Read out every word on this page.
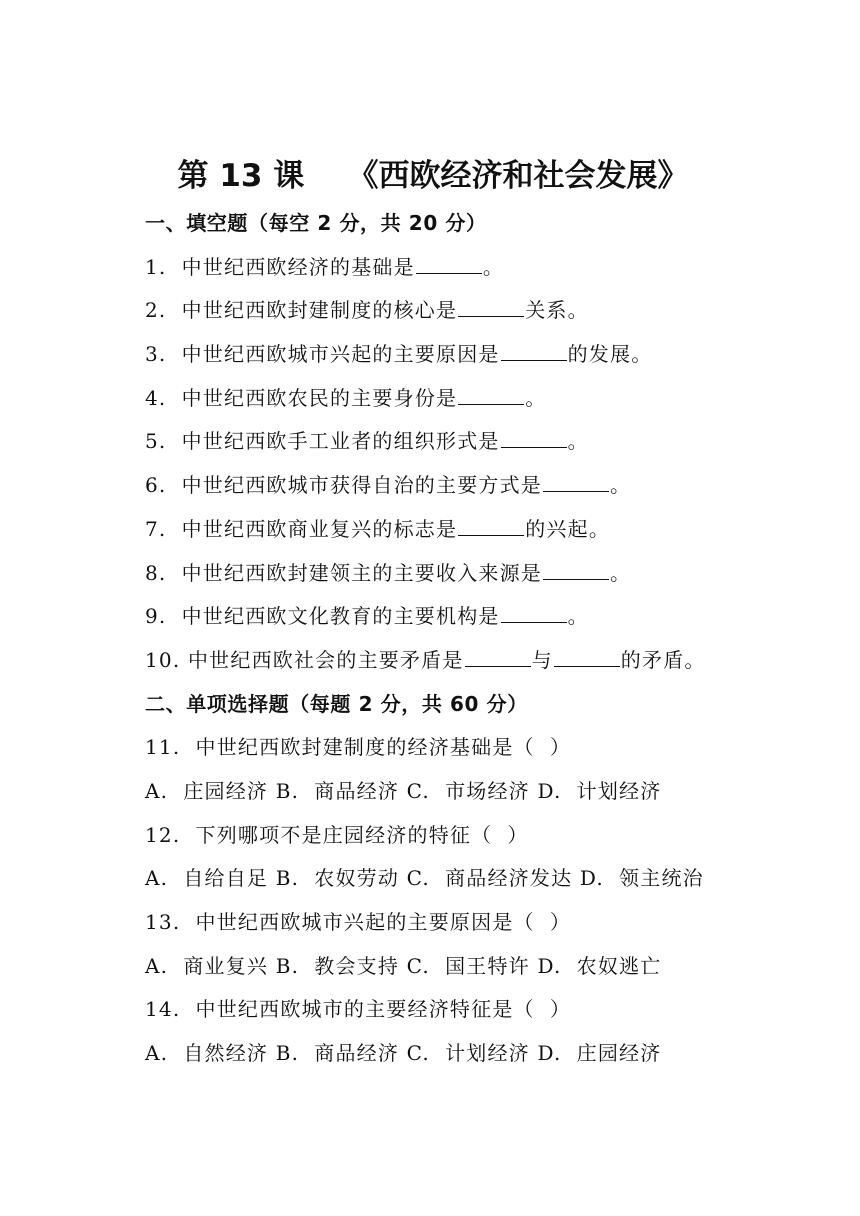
第 13 课    《西欧经济和社会发展》
一、填空题（每空 2 分，共 20 分）
1. 中世纪西欧经济的基础是	。
2. 中世纪西欧封建制度的核心是	关系。
3. 中世纪西欧城市兴起的主要原因是	的发展。
4. 中世纪西欧农民的主要身份是	。
5. 中世纪西欧手工业者的组织形式是	。
6. 中世纪西欧城市获得自治的主要方式是	。
7. 中世纪西欧商业复兴的标志是	的兴起。
8. 中世纪西欧封建领主的主要收入来源是	。
9. 中世纪西欧文化教育的主要机构是	。
10. 中世纪西欧社会的主要矛盾是	与	的矛盾。
二、单项选择题（每题 2 分，共 60 分）
11.  中世纪西欧封建制度的经济基础是（  ）
A.  庄园经济 B.  商品经济 C.  市场经济 D.  计划经济
12.  下列哪项不是庄园经济的特征（  ）
A.  自给自足 B.  农奴劳动 C.  商品经济发达 D.  领主统治
13.  中世纪西欧城市兴起的主要原因是（  ）
A.  商业复兴 B.  教会支持 C.  国王特许 D.  农奴逃亡
14.  中世纪西欧城市的主要经济特征是（  ）
A.  自然经济 B.  商品经济 C.  计划经济 D.  庄园经济
